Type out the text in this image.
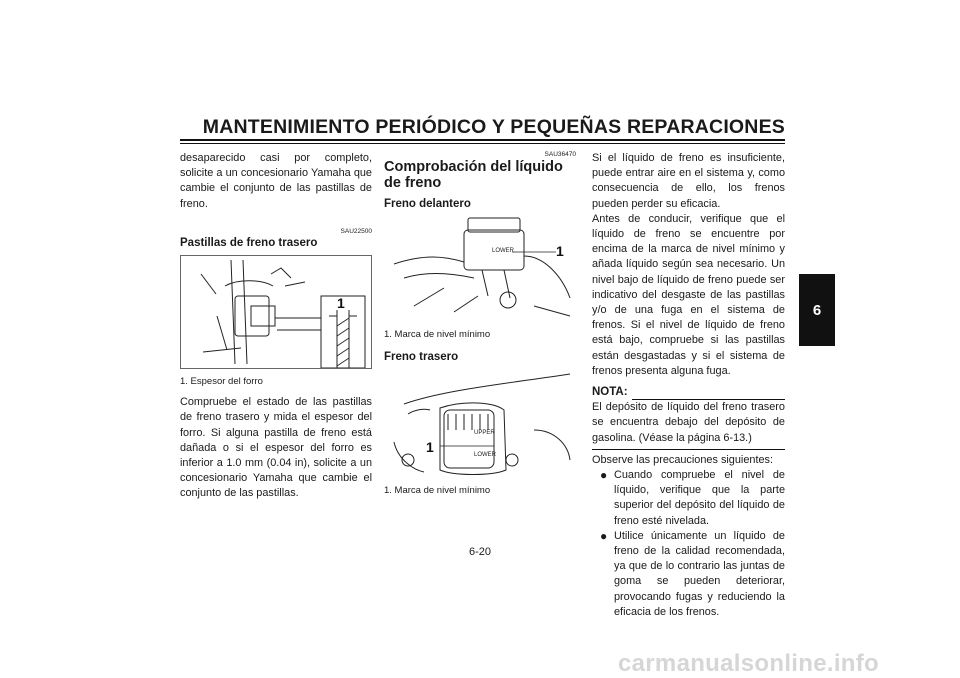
MANTENIMIENTO PERIÓDICO Y PEQUEÑAS REPARACIONES
6

desaparecido casi por completo, solicite a un concesionario Yamaha que cambie el conjunto de las pastillas de freno.

SAU22500

Pastillas de freno trasero

1

1. Espesor del forro

Compruebe el estado de las pastillas de freno trasero y mida el espesor del forro. Si alguna pastilla de freno está dañada o si el espesor del forro es inferior a 1.0 mm (0.04 in), solicite a un concesionario Yamaha que cambie el conjunto de las pastillas.

SAU36470

Comprobación del líquido de freno

Freno delantero

LOWER	1

1. Marca de nivel mínimo

Freno trasero

UPPER
LOWER
1

1. Marca de nivel mínimo

Si el líquido de freno es insuficiente, puede entrar aire en el sistema y, como consecuencia de ello, los frenos pueden perder su eficacia.

Antes de conducir, verifique que el líquido de freno se encuentre por encima de la marca de nivel mínimo y añada líquido según sea necesario. Un nivel bajo de líquido de freno puede ser indicativo del desgaste de las pastillas y/o de una fuga en el sistema de frenos. Si el nivel de líquido de freno está bajo, compruebe si las pastillas están desgastadas y si el sistema de frenos presenta alguna fuga.

NOTA:

El depósito de líquido del freno trasero se encuentra debajo del depósito de gasolina. (Véase la página 6-13.)

Observe las precauciones siguientes:

● Cuando compruebe el nivel de líquido, verifique que la parte superior del depósito del líquido de freno esté nivelada.
● Utilice únicamente un líquido de freno de la calidad recomendada, ya que de lo contrario las juntas de goma se pueden deteriorar, provocando fugas y reduciendo la eficacia de los frenos.
6-20
carmanualsonline.info
